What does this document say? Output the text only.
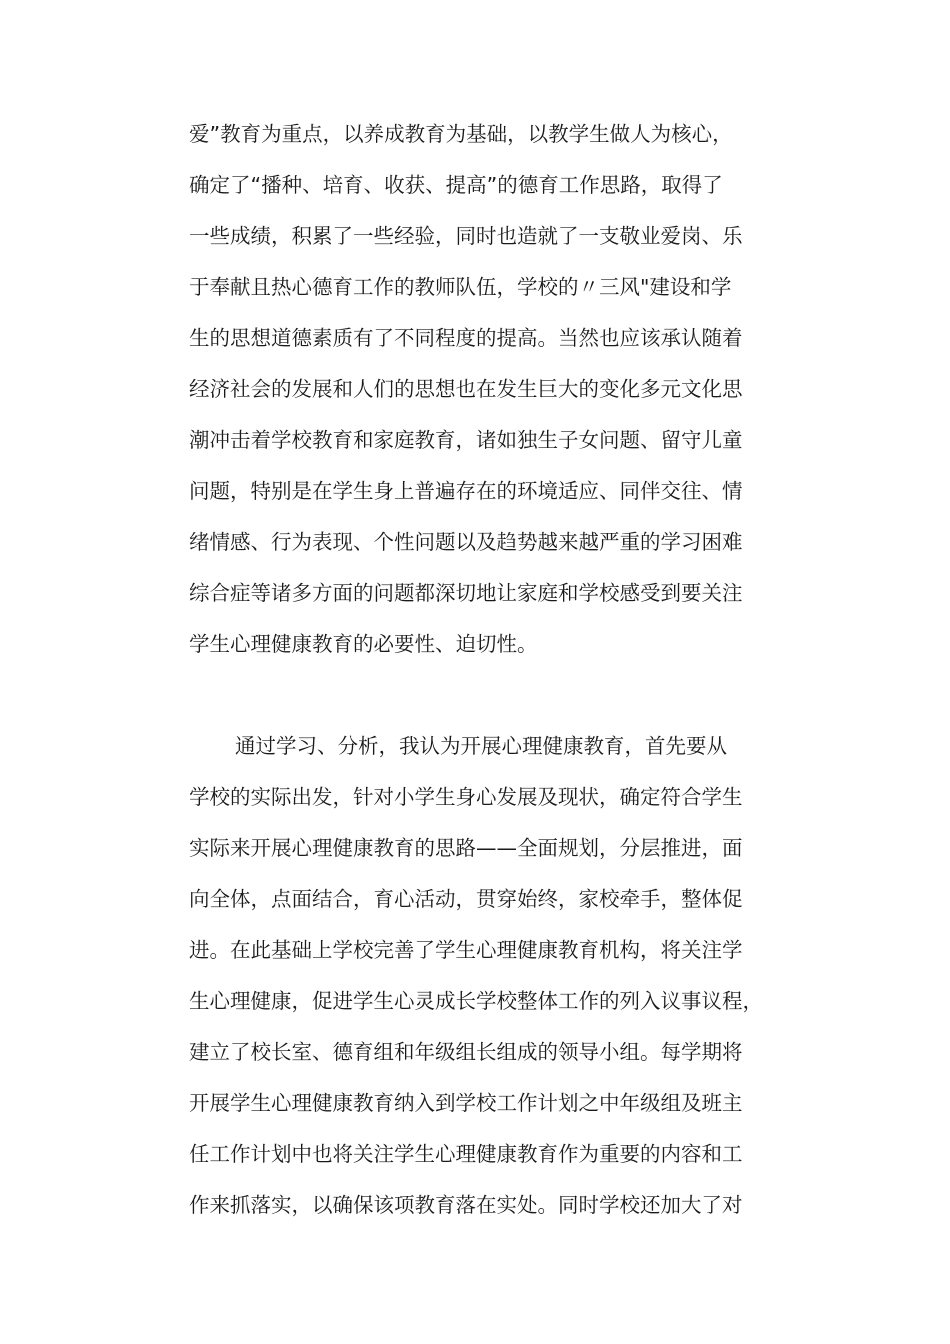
爱”教育为重点，以养成教育为基础，以教学生做人为核心，
确定了“播种、培育、收获、提高”的德育工作思路，取得了
一些成绩，积累了一些经验，同时也造就了一支敬业爱岗、乐
于奉献且热心德育工作的教师队伍，学校的〃三风"建设和学
生的思想道德素质有了不同程度的提高。当然也应该承认随着
经济社会的发展和人们的思想也在发生巨大的变化多元文化思
潮冲击着学校教育和家庭教育，诸如独生子女问题、留守儿童
问题，特别是在学生身上普遍存在的环境适应、同伴交往、情
绪情感、行为表现、个性问题以及趋势越来越严重的学习困难
综合症等诸多方面的问题都深切地让家庭和学校感受到要关注
学生心理健康教育的必要性、迫切性。
通过学习、分析，我认为开展心理健康教育，首先要从
学校的实际出发，针对小学生身心发展及现状，确定符合学生
实际来开展心理健康教育的思路——全面规划，分层推进，面
向全体，点面结合，育心活动，贯穿始终，家校牵手，整体促
进。在此基础上学校完善了学生心理健康教育机构，将关注学
生心理健康，促进学生心灵成长学校整体工作的列入议事议程，
建立了校长室、德育组和年级组长组成的领导小组。每学期将
开展学生心理健康教育纳入到学校工作计划之中年级组及班主
任工作计划中也将关注学生心理健康教育作为重要的内容和工
作来抓落实，以确保该项教育落在实处。同时学校还加大了对
